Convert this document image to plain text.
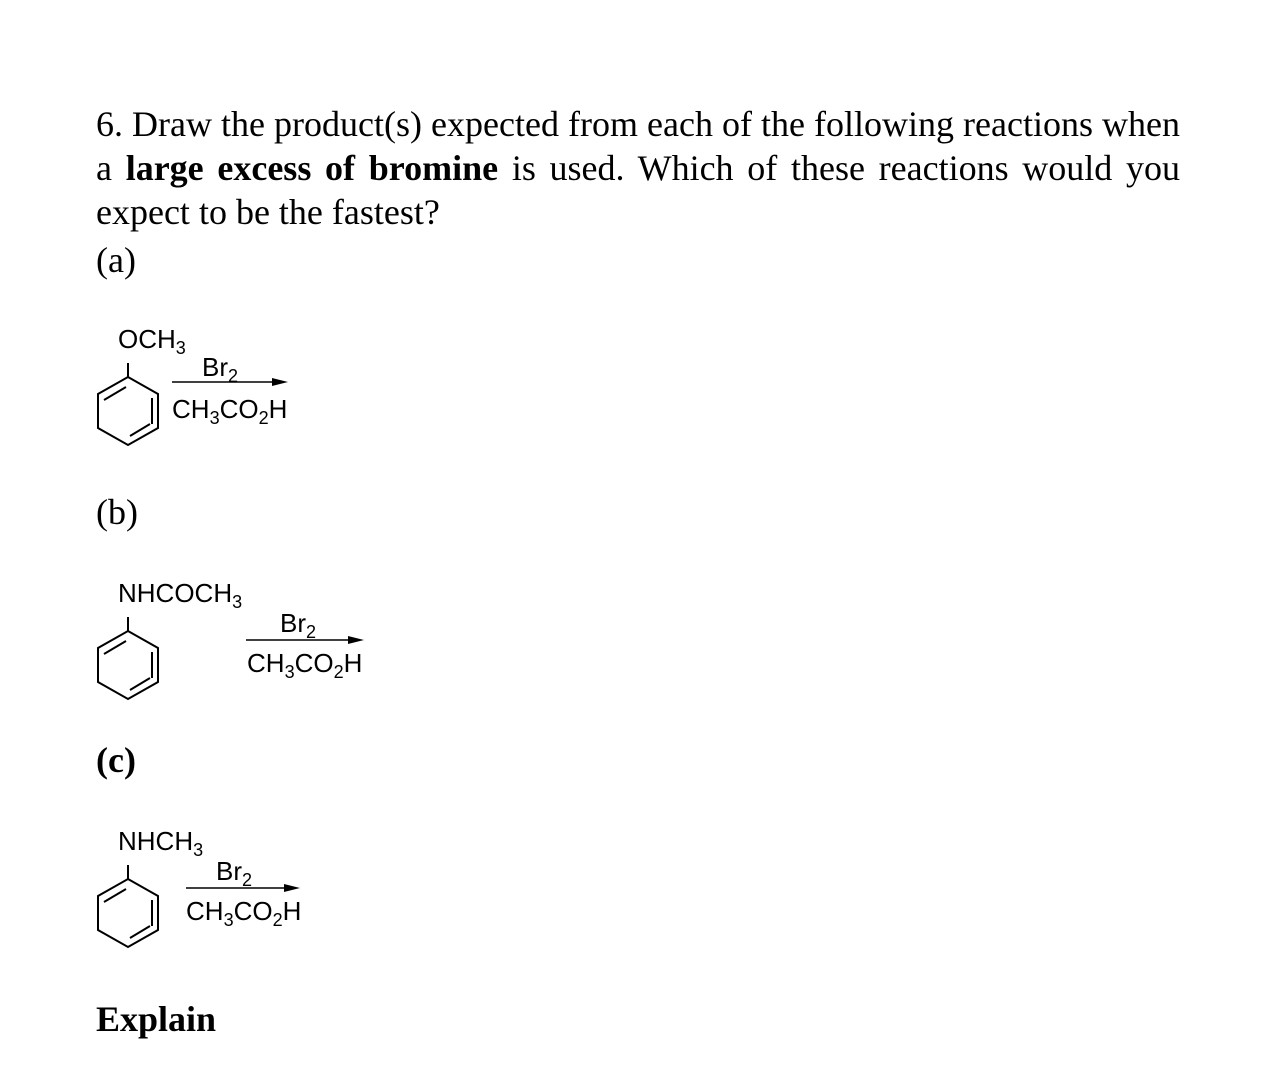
6. Draw the product(s) expected from each of the following reactions when a large excess of bromine is used. Which of these reactions would you expect to be the fastest?

(a)

$OCH_3$
$Br_2$
$CH_3CO_2H$

(b)

$NHCOCH_3$
$Br_2$
$CH_3CO_2H$

(c)

$NHCH_3$
$Br_2$
$CH_3CO_2H$

Explain
